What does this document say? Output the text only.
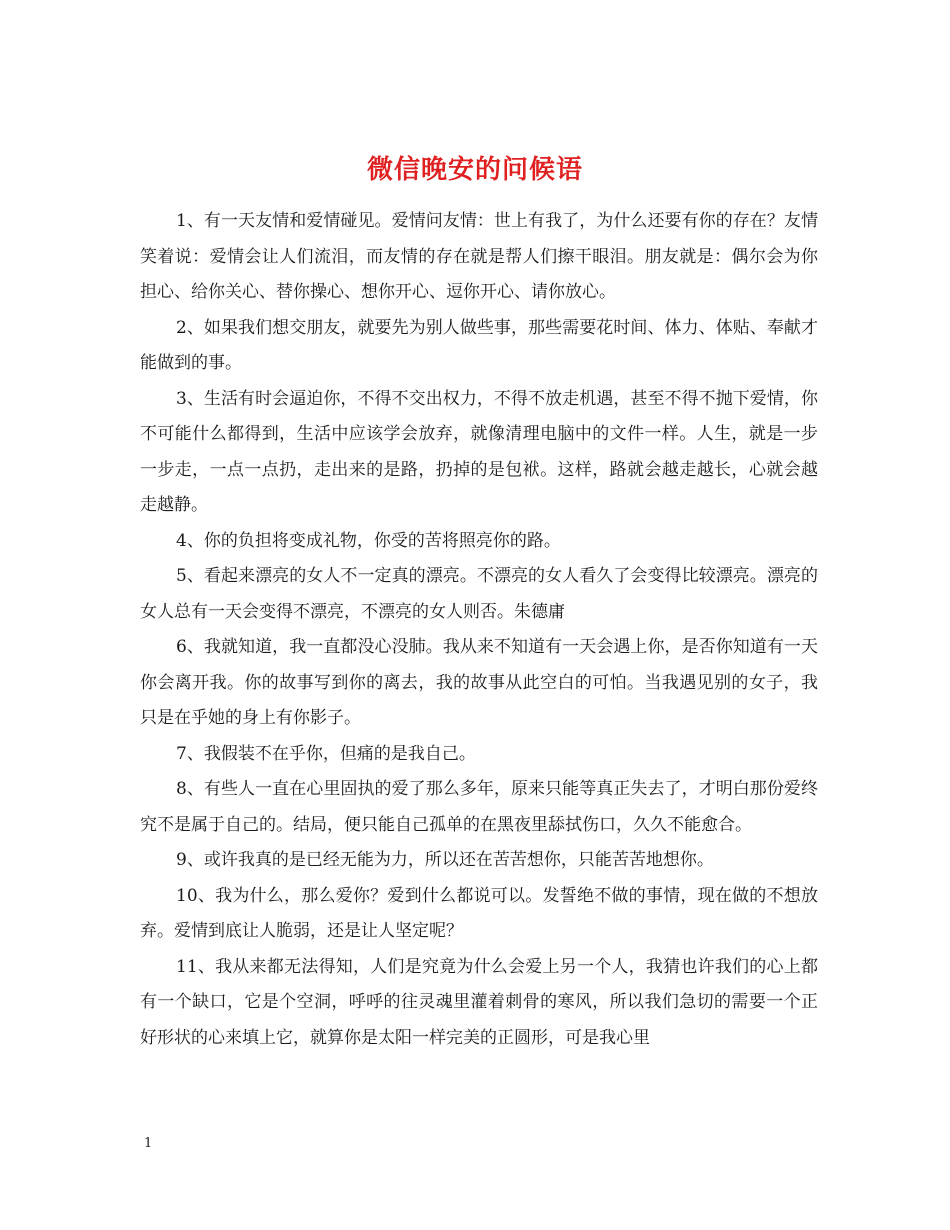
微信晚安的问候语

1、有一天友情和爱情碰见。爱情问友情：世上有我了，为什么还要有你的存在？友情笑着说：爱情会让人们流泪，而友情的存在就是帮人们擦干眼泪。朋友就是：偶尔会为你担心、给你关心、替你操心、想你开心、逗你开心、请你放心。

2、如果我们想交朋友，就要先为别人做些事，那些需要花时间、体力、体贴、奉献才能做到的事。

3、生活有时会逼迫你，不得不交出权力，不得不放走机遇，甚至不得不抛下爱情，你不可能什么都得到，生活中应该学会放弃，就像清理电脑中的文件一样。人生，就是一步一步走，一点一点扔，走出来的是路，扔掉的是包袱。这样，路就会越走越长，心就会越走越静。

4、你的负担将变成礼物，你受的苦将照亮你的路。

5、看起来漂亮的女人不一定真的漂亮。不漂亮的女人看久了会变得比较漂亮。漂亮的女人总有一天会变得不漂亮，不漂亮的女人则否。朱德庸

6、我就知道，我一直都没心没肺。我从来不知道有一天会遇上你，是否你知道有一天你会离开我。你的故事写到你的离去，我的故事从此空白的可怕。当我遇见别的女子，我只是在乎她的身上有你影子。

7、我假装不在乎你，但痛的是我自己。

8、有些人一直在心里固执的爱了那么多年，原来只能等真正失去了，才明白那份爱终究不是属于自己的。结局，便只能自己孤单的在黑夜里舔拭伤口，久久不能愈合。

9、或许我真的是已经无能为力，所以还在苦苦想你，只能苦苦地想你。

10、我为什么，那么爱你？爱到什么都说可以。发誓绝不做的事情，现在做的不想放弃。爱情到底让人脆弱，还是让人坚定呢？

11、我从来都无法得知，人们是究竟为什么会爱上另一个人，我猜也许我们的心上都有一个缺口，它是个空洞，呼呼的往灵魂里灌着刺骨的寒风，所以我们急切的需要一个正好形状的心来填上它，就算你是太阳一样完美的正圆形，可是我心里

1
